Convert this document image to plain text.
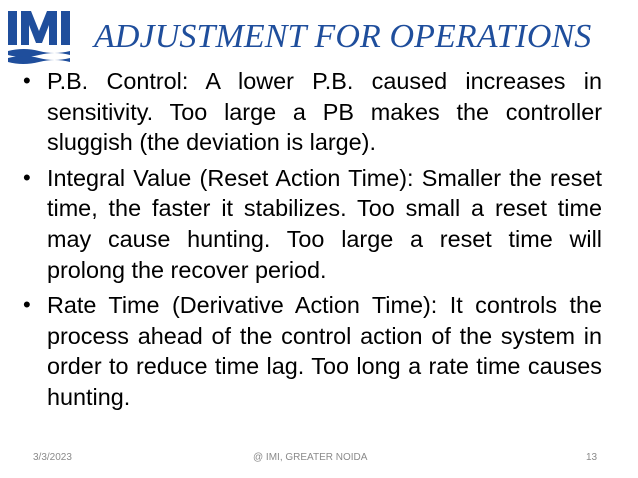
ADJUSTMENT FOR OPERATIONS
• P.B. Control: A lower P.B. caused increases in sensitivity. Too large a PB makes the controller sluggish (the deviation is large).
• Integral Value (Reset Action Time): Smaller the reset time, the faster it stabilizes. Too small a reset time may cause hunting. Too large a reset time will prolong the recover period.
• Rate Time (Derivative Action Time): It controls the process ahead of the control action of the system in order to reduce time lag. Too long a rate time causes hunting.
3/3/2023	@ IMI, GREATER NOIDA	13
